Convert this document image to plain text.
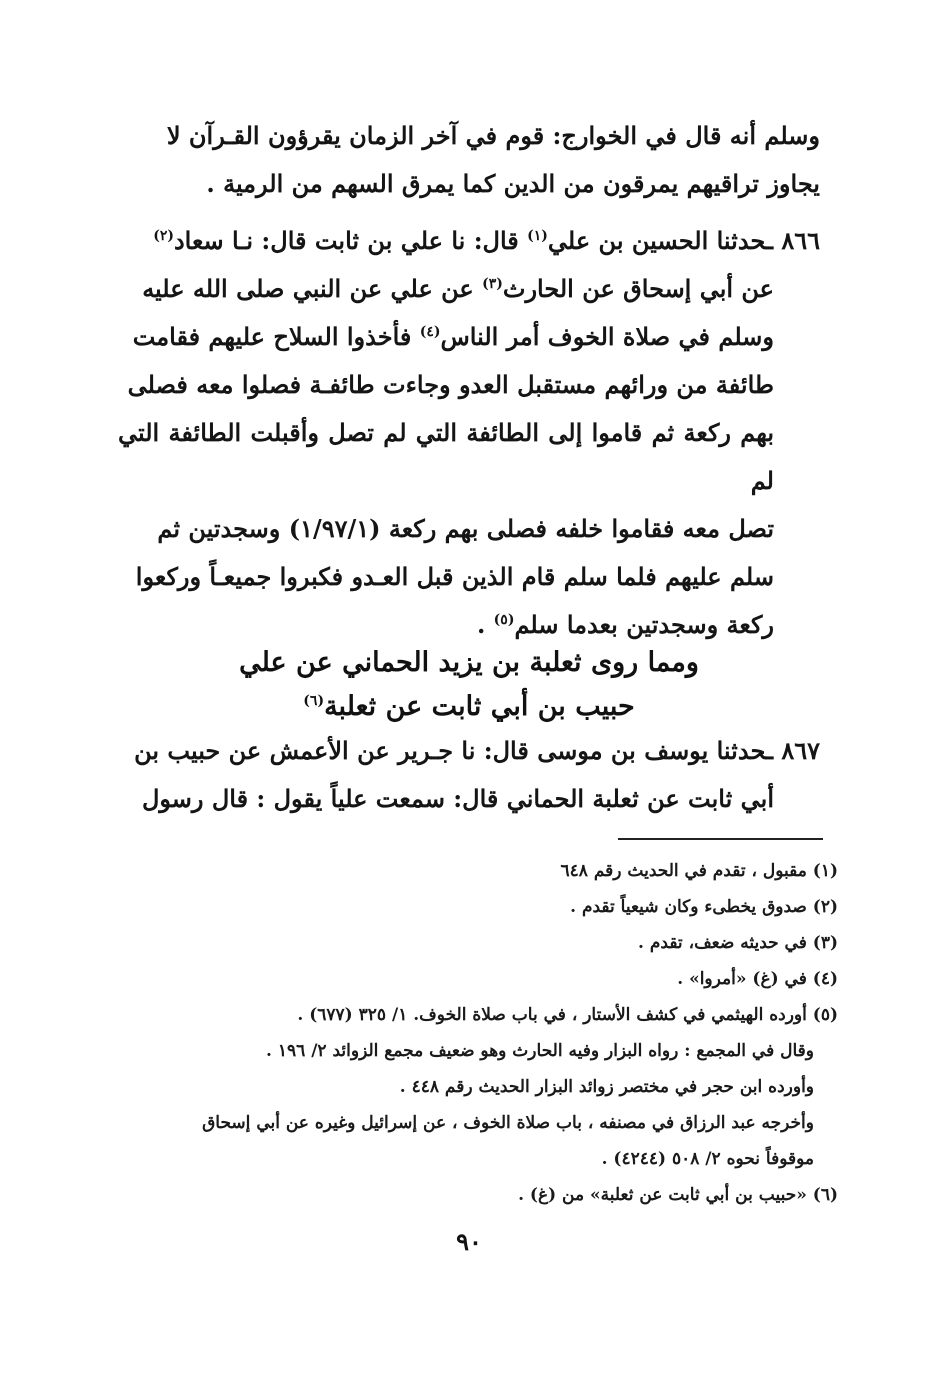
وسلم أنه قال في الخوارج: قوم في آخر الزمان يقرؤون القـرآن لا
يجاوز تراقيهم يمرقون من الدين كما يمرق السهم من الرمية .
٨٦٦ ـحدثنا الحسين بن علي$^{(١)}$ قال: نا علي بن ثابت قال: نـا سعاد$^{(٢)}$
عن أبي إسحاق عن الحارث$^{(٣)}$ عن علي عن النبي صلى الله عليه
وسلم في صلاة الخوف أمر الناس$^{(٤)}$ فأخذوا السلاح عليهم فقامت
طائفة من ورائهم مستقبل العدو وجاءت طائفـة فصلوا معه فصلى
بهم ركعة ثم قاموا إلى الطائفة التي لم تصل وأقبلت الطائفة التي لم
تصل معه فقاموا خلفه فصلى بهم ركعة (١/٩٧/١) وسجدتين ثم
سلم عليهم فلما سلم قام الذين قبل العـدو فكبروا جميعـاً وركعوا
ركعة وسجدتين بعدما سلم$^{(٥)}$ .
ومما روى ثعلبة بن يزيد الحماني عن علي
حبيب بن أبي ثابت عن ثعلبة$^{(٦)}$
٨٦٧ ـحدثنا يوسف بن موسى قال: نا جـرير عن الأعمش عن حبيب بن
أبي ثابت عن ثعلبة الحماني قال: سمعت علياً يقول : قال رسول
(١) مقبول ، تقدم في الحديث رقم ٦٤٨
(٢) صدوق يخطىء وكان شيعياً تقدم .
(٣) في حديثه ضعف، تقدم .
(٤) في (غ) «أمروا» .
(٥) أورده الهيثمي في كشف الأستار ، في باب صلاة الخوف. ١/ ٣٢٥ (٦٧٧) .
وقال في المجمع : رواه البزار وفيه الحارث وهو ضعيف مجمع الزوائد ٢/ ١٩٦ .
وأورده ابن حجر في مختصر زوائد البزار الحديث رقم ٤٤٨ .
وأخرجه عبد الرزاق في مصنفه ، باب صلاة الخوف ، عن إسرائيل وغيره عن أبي إسحاق
موقوفاً نحوه ٢/ ٥٠٨ (٤٢٤٤) .
(٦) «حبيب بن أبي ثابت عن ثعلبة» من (غ) .
٩٠
